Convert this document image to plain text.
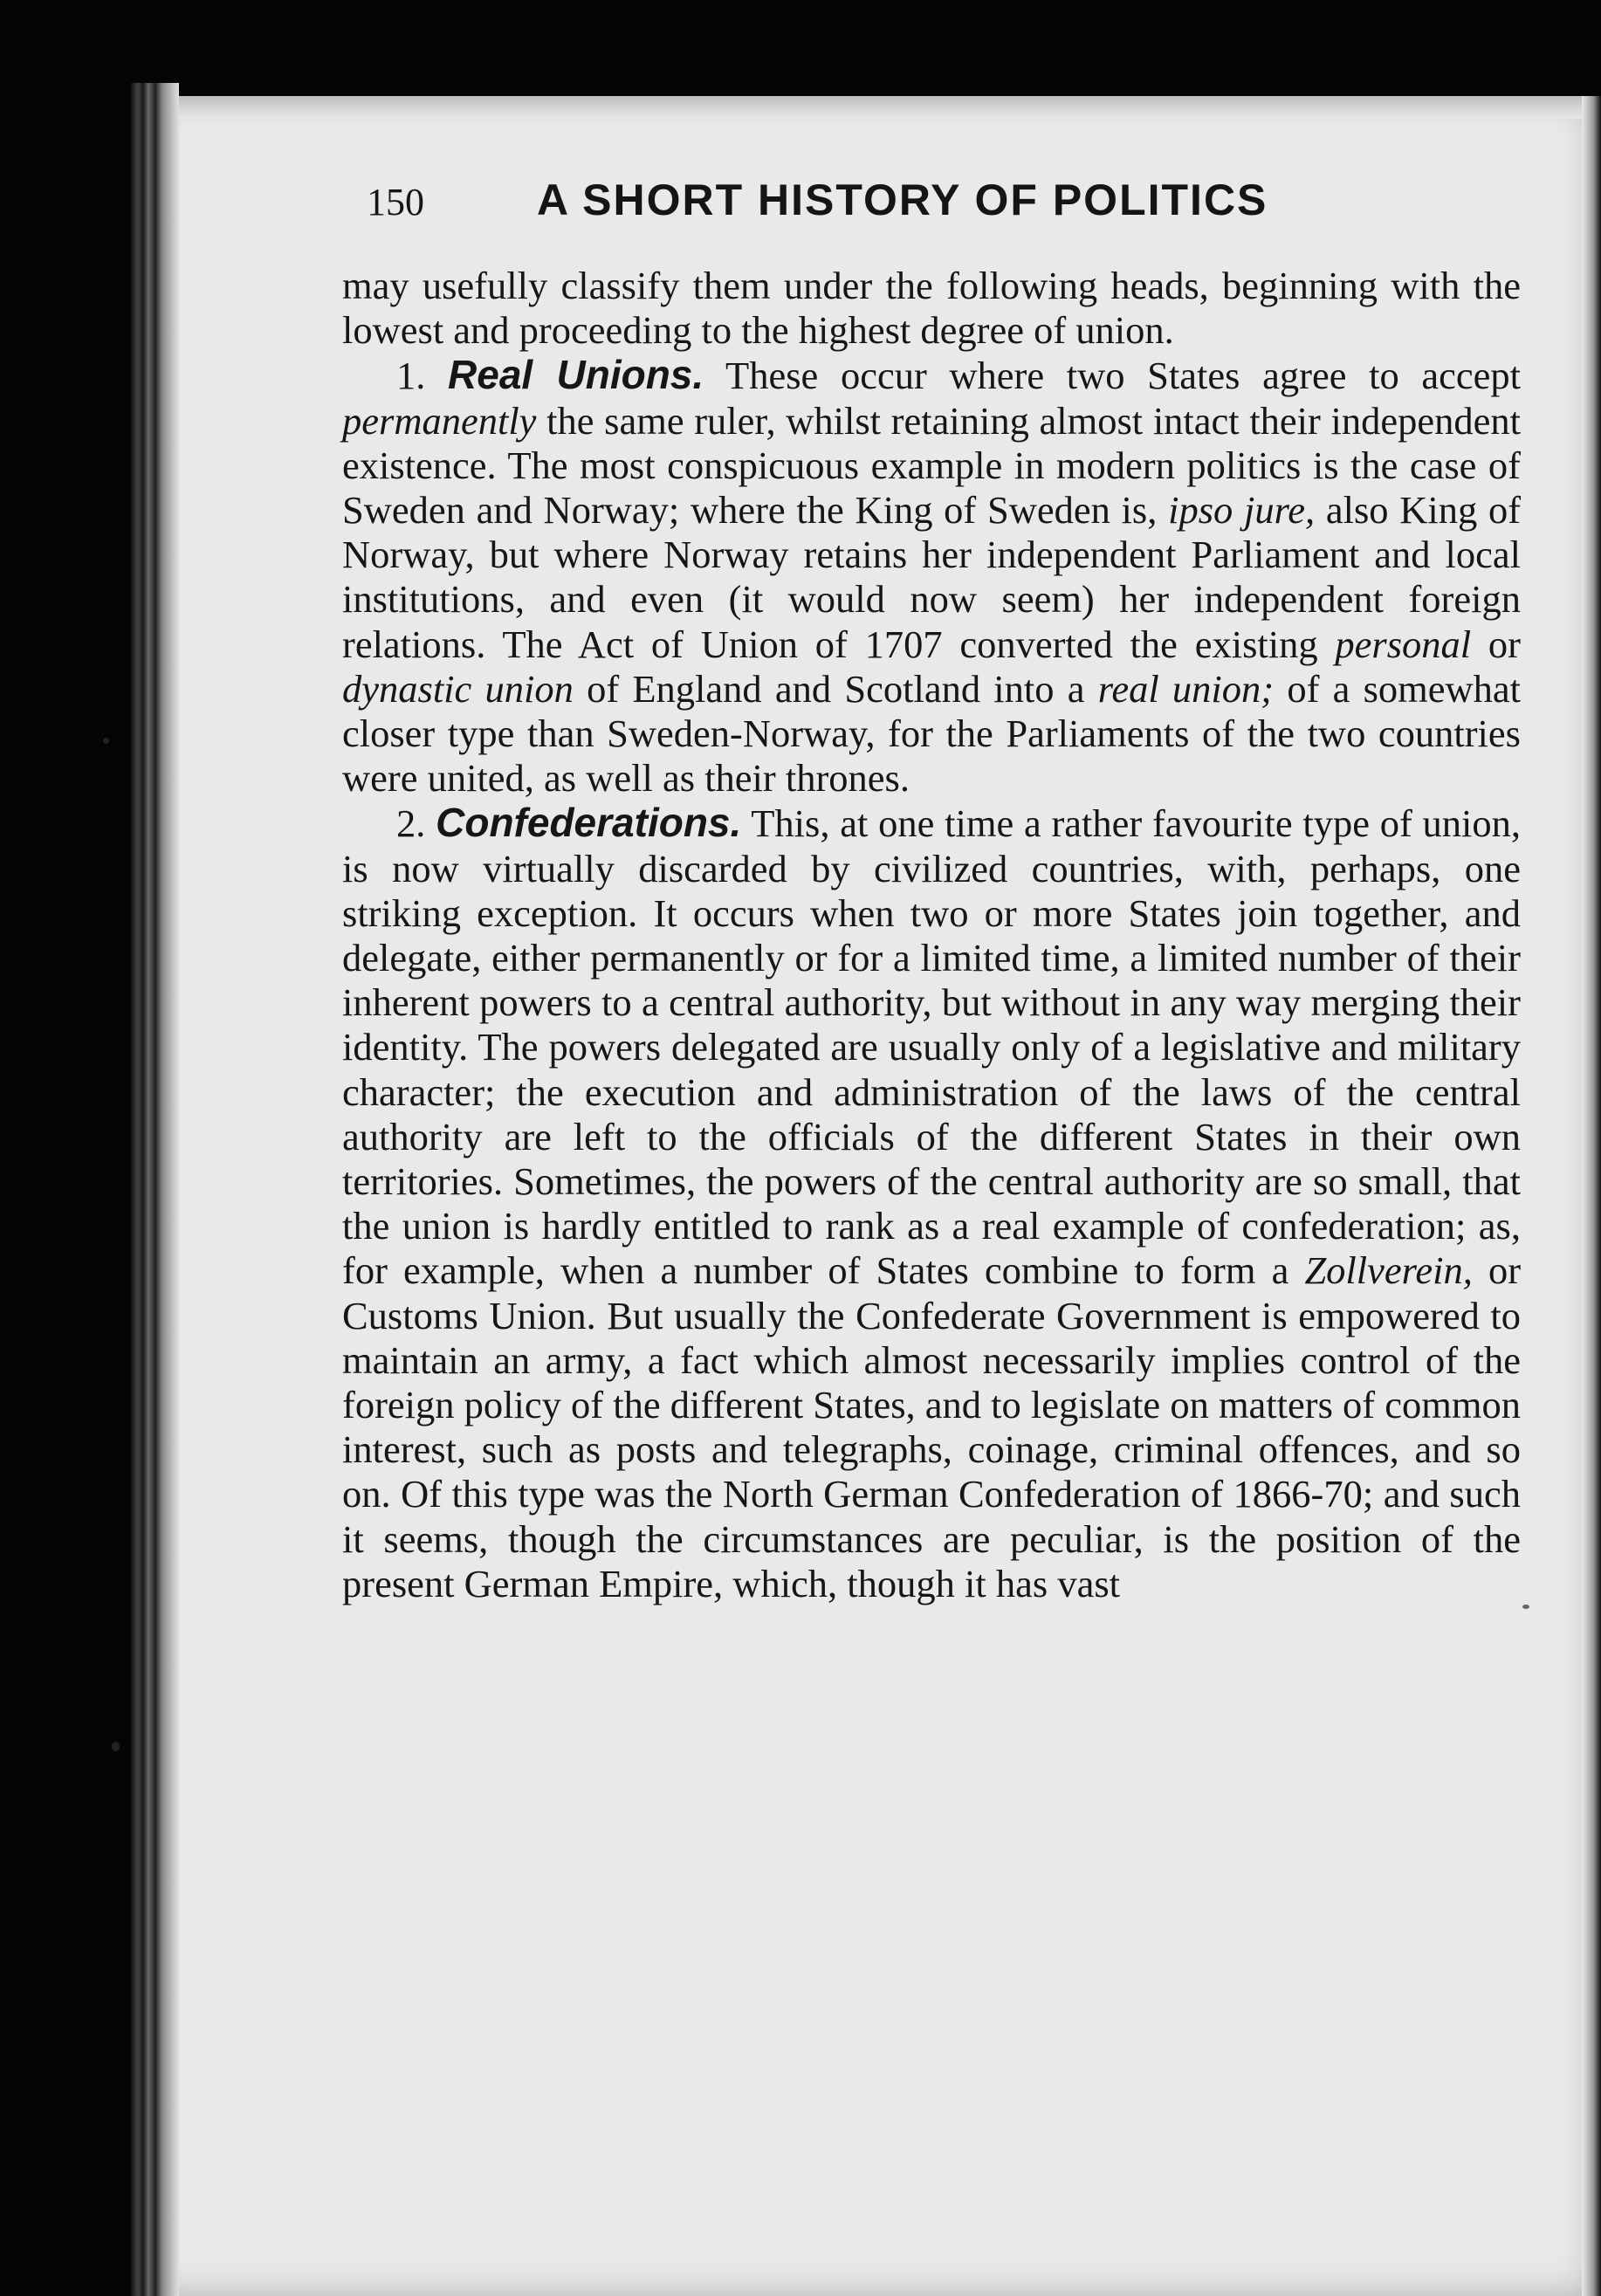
150	A SHORT HISTORY OF POLITICS

may usefully classify them under the following heads, beginning with the lowest and proceeding to the highest degree of union.

1. Real Unions. These occur where two States agree to accept permanently the same ruler, whilst retaining almost intact their independent existence. The most conspicuous example in modern politics is the case of Sweden and Norway; where the King of Sweden is, ipso jure, also King of Norway, but where Norway retains her independent Parliament and local institutions, and even (it would now seem) her independent foreign relations. The Act of Union of 1707 converted the existing personal or dynastic union of England and Scotland into a real union; of a somewhat closer type than Sweden-Norway, for the Parliaments of the two countries were united, as well as their thrones.

2. Confederations. This, at one time a rather favourite type of union, is now virtually discarded by civilized countries, with, perhaps, one striking exception. It occurs when two or more States join together, and delegate, either permanently or for a limited time, a limited number of their inherent powers to a central authority, but without in any way merging their identity. The powers delegated are usually only of a legislative and military character; the execution and administration of the laws of the central authority are left to the officials of the different States in their own territories. Sometimes, the powers of the central authority are so small, that the union is hardly entitled to rank as a real example of confederation; as, for example, when a number of States combine to form a Zollverein, or Customs Union. But usually the Confederate Government is empowered to maintain an army, a fact which almost necessarily implies control of the foreign policy of the different States, and to legislate on matters of common interest, such as posts and telegraphs, coinage, criminal offences, and so on. Of this type was the North German Confederation of 1866-70; and such it seems, though the circumstances are peculiar, is the position of the present German Empire, which, though it has vast
